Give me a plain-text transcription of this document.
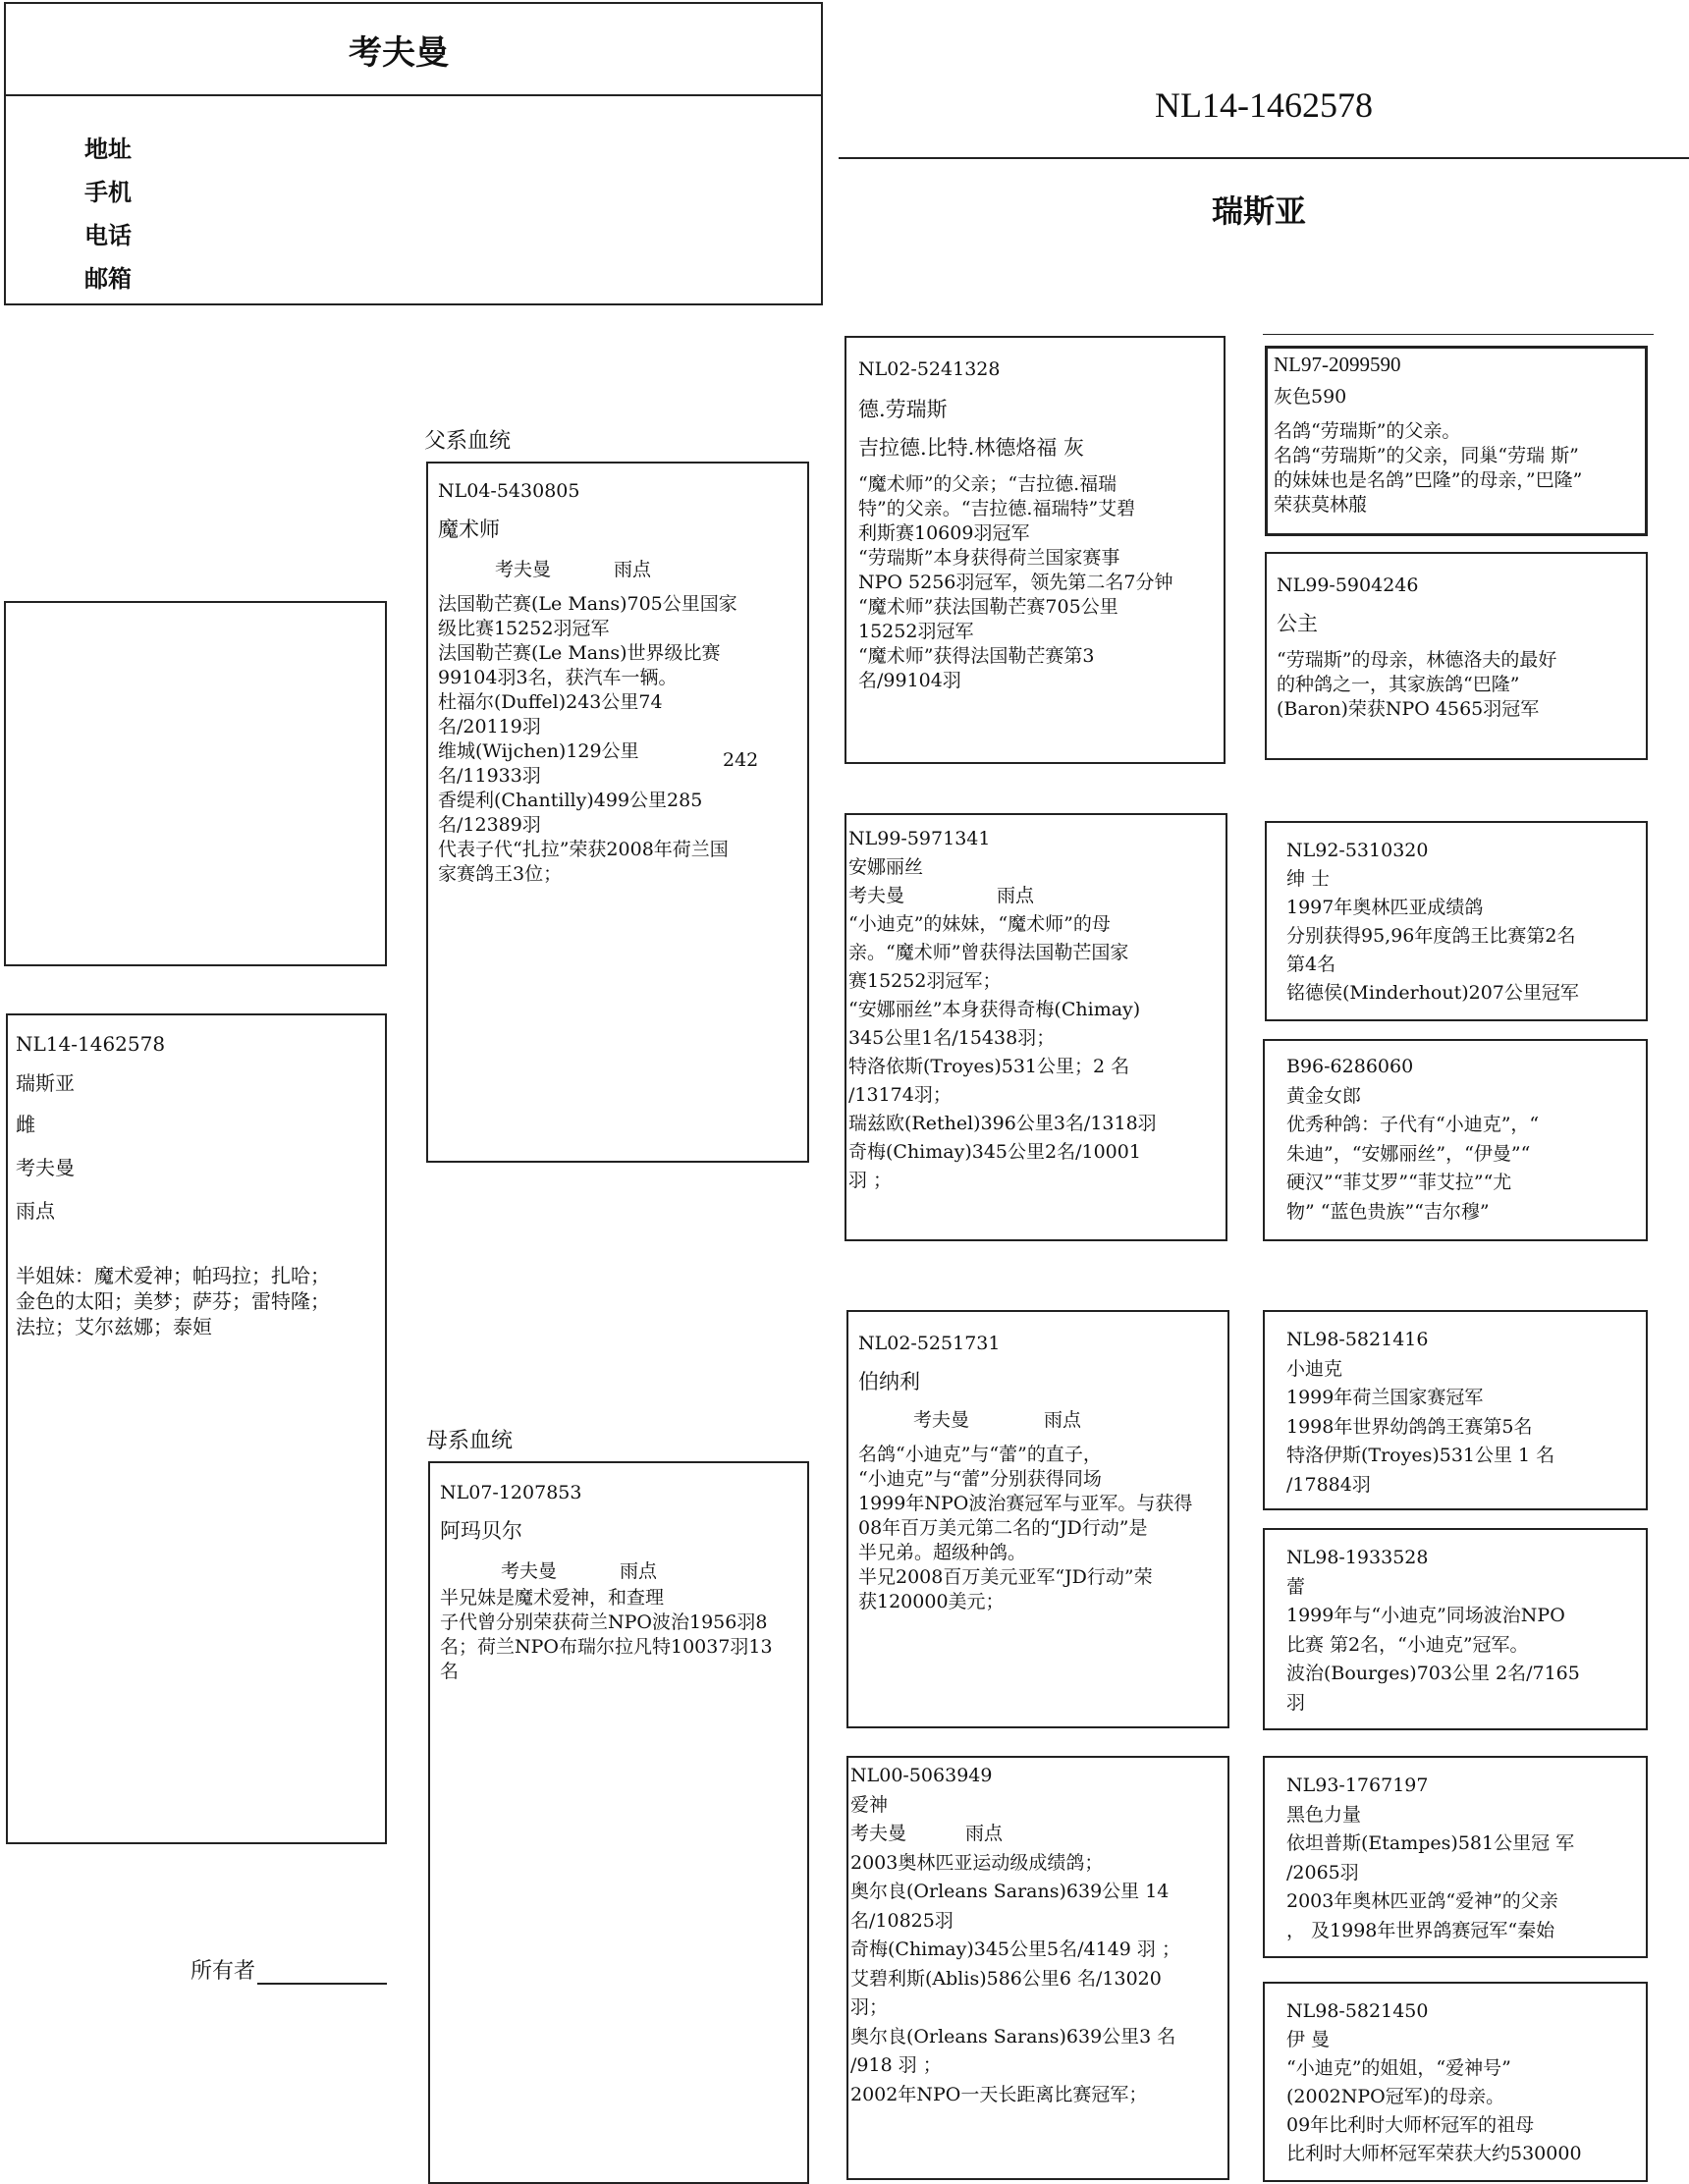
考夫曼
地址
手机
电话
邮箱
NL14-1462578
瑞斯亚
NL14-1462578
瑞斯亚
雌
考夫曼
雨点
半姐妹：魔术爱神；帕玛拉；扎哈；
金色的太阳；美梦；萨芬；雷特隆；
法拉；艾尔兹娜；泰姮
所有者
父系血统
母系血统
NL04-5430805
魔术师
考夫曼	雨点
法国勒芒赛(Le Mans)705公里国家
级比赛15252羽冠军
法国勒芒赛(Le Mans)世界级比赛
99104羽3名，获汽车一辆。
杜福尔(Duffel)243公里74
名/20119羽
维城(Wijchen)129公里
名/11933羽
香缇利(Chantilly)499公里285
名/12389羽
代表子代“扎拉”荣获2008年荷兰国
家赛鸽王3位；
242
NL07-1207853
阿玛贝尔
考夫曼	雨点
半兄妹是魔术爱神，和查理
子代曾分别荣获荷兰NPO波治1956羽8
名；荷兰NPO布瑞尔拉凡特10037羽13
名
NL02-5241328
德.劳瑞斯
吉拉德.比特.林德烙福 灰
“魔术师”的父亲；“吉拉德.福瑞
特”的父亲。“吉拉德.福瑞特”艾碧
利斯赛10609羽冠军
“劳瑞斯”本身获得荷兰国家赛事
NPO 5256羽冠军，领先第二名7分钟
“魔术师”获法国勒芒赛705公里
15252羽冠军
“魔术师”获得法国勒芒赛第3
名/99104羽
NL99-5971341
安娜丽丝
考夫曼	雨点
“小迪克”的妹妹，“魔术师”的母
亲。“魔术师”曾获得法国勒芒国家
赛15252羽冠军；
“安娜丽丝”本身获得奇梅(Chimay)
345公里1名/15438羽；
特洛依斯(Troyes)531公里；2 名
/13174羽；
瑞兹欧(Rethel)396公里3名/1318羽
奇梅(Chimay)345公里2名/10001
羽 ；
NL02-5251731
伯纳利
考夫曼	雨点
名鸽“小迪克”与“蕾”的直子，
“小迪克”与“蕾”分别获得同场
1999年NPO波治赛冠军与亚军。与获得
08年百万美元第二名的“JD行动”是
半兄弟。超级种鸽。
半兄2008百万美元亚军“JD行动”荣
获120000美元；
NL00-5063949
爱神
考夫曼	雨点
2003奥林匹亚运动级成绩鸽；
奥尔良(Orleans Sarans)639公里 14
名/10825羽
奇梅(Chimay)345公里5名/4149 羽 ；
艾碧利斯(Ablis)586公里6 名/13020
羽；
奥尔良(Orleans Sarans)639公里3 名
/918 羽 ；
2002年NPO一天长距离比赛冠军；
NL97-2099590
灰色590
名鸽“劳瑞斯”的父亲。
名鸽“劳瑞斯”的父亲，同巢“劳瑞 斯”
的妹妹也是名鸽”巴隆”的母亲，”巴隆”
荣获莫林菔
NL99-5904246
公主
“劳瑞斯”的母亲，林德洛夫的最好
的种鸽之一，其家族鸽“巴隆”
(Baron)荣获NPO 4565羽冠军
NL92-5310320
绅 士
1997年奥林匹亚成绩鸽
分别获得95,96年度鸽王比赛第2名
第4名
铭德侯(Minderhout)207公里冠军
B96-6286060
黄金女郎
优秀种鸽：子代有“小迪克”，“
朱迪”，“安娜丽丝”，“伊曼”“
硬汉”“菲艾罗”“菲艾拉”“尤
物” “蓝色贵族”“吉尔穆”
NL98-5821416
小迪克
1999年荷兰国家赛冠军
1998年世界幼鸽鸽王赛第5名
特洛伊斯(Troyes)531公里 1 名
/17884羽
NL98-1933528
蕾
1999年与“小迪克”同场波治NPO
比赛 第2名，“小迪克”冠军。
波治(Bourges)703公里 2名/7165
羽
NL93-1767197
黑色力量
依坦普斯(Etampes)581公里冠 军
/2065羽
2003年奥林匹亚鸽“爱神”的父亲
， 及1998年世界鸽赛冠军“秦始
NL98-5821450
伊 曼
“小迪克”的姐姐，“爱神号”
(2002NPO冠军)的母亲。
09年比利时大师杯冠军的祖母
比利时大师杯冠军荣获大约530000
